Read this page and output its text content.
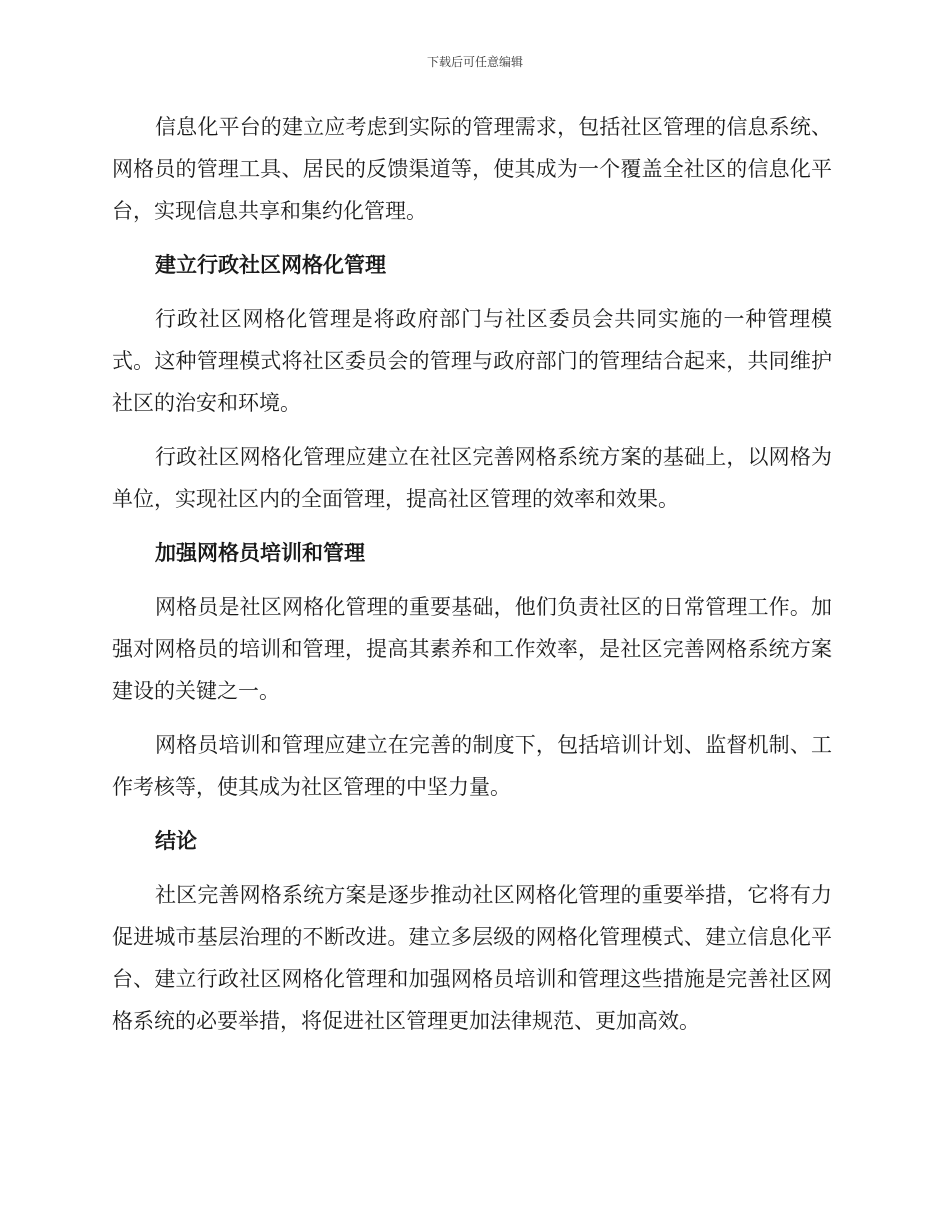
下载后可任意编辑

信息化平台的建立应考虑到实际的管理需求，包括社区管理的信息系统、网格员的管理工具、居民的反馈渠道等，使其成为一个覆盖全社区的信息化平台，实现信息共享和集约化管理。

建立行政社区网格化管理

行政社区网格化管理是将政府部门与社区委员会共同实施的一种管理模式。这种管理模式将社区委员会的管理与政府部门的管理结合起来，共同维护社区的治安和环境。

行政社区网格化管理应建立在社区完善网格系统方案的基础上，以网格为单位，实现社区内的全面管理，提高社区管理的效率和效果。

加强网格员培训和管理

网格员是社区网格化管理的重要基础，他们负责社区的日常管理工作。加强对网格员的培训和管理，提高其素养和工作效率，是社区完善网格系统方案建设的关键之一。

网格员培训和管理应建立在完善的制度下，包括培训计划、监督机制、工作考核等，使其成为社区管理的中坚力量。

结论

社区完善网格系统方案是逐步推动社区网格化管理的重要举措，它将有力促进城市基层治理的不断改进。建立多层级的网格化管理模式、建立信息化平台、建立行政社区网格化管理和加强网格员培训和管理这些措施是完善社区网格系统的必要举措，将促进社区管理更加法律规范、更加高效。
